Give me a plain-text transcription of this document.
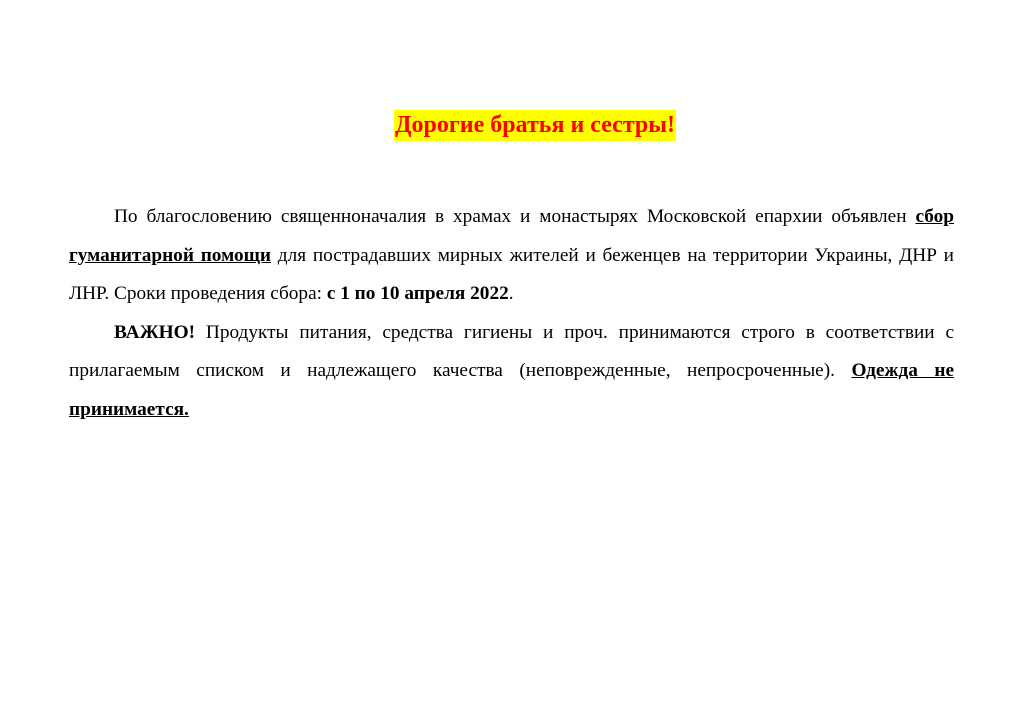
Дорогие братья и сестры!

По благословению священноначалия в храмах и монастырях Московской епархии объявлен сбор гуманитарной помощи для пострадавших мирных жителей и беженцев на территории Украины, ДНР и ЛНР. Сроки проведения сбора: с 1 по 10 апреля 2022.

ВАЖНО! Продукты питания, средства гигиены и проч. принимаются строго в соответствии с прилагаемым списком и надлежащего качества (неповрежденные, непросроченные). Одежда не принимается.
